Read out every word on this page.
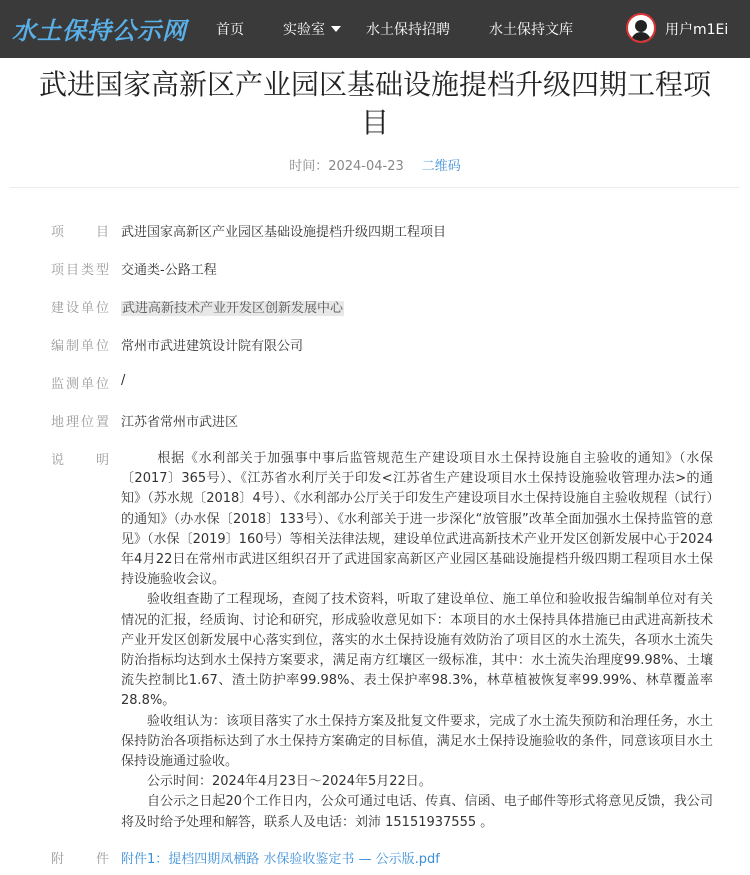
水土保持公示网 首页	实验室	水土保持招聘	水土保持文库	用户m1Ei
武进国家高新区产业园区基础设施提档升级四期工程项目
时间：2024-04-23 二维码
项　目 武进国家高新区产业园区基础设施提档升级四期工程项目
项目类型 交通类-公路工程
建设单位 武进高新技术产业开发区创新发展中心
编制单位 常州市武进建筑设计院有限公司
监测单位 /
地理位置 江苏省常州市武进区
说　明	根据《水利部关于加强事中事后监管规范生产建设项目水土保持设施自主验收的通知》（水保〔2017〕365号）、《江苏省水利厅关于印发<江苏省生产建设项目水土保持设施验收管理办法>的通知》（苏水规〔2018〕4号）、《水利部办公厅关于印发生产建设项目水土保持设施自主验收规程（试行）的通知》（办水保〔2018〕133号）、《水利部关于进一步深化“放管服”改革全面加强水土保持监管的意见》（水保〔2019〕160号）等相关法律法规，建设单位武进高新技术产业开发区创新发展中心于2024年4月22日在常州市武进区组织召开了武进国家高新区产业园区基础设施提档升级四期工程项目水土保持设施验收会议。

验收组查勘了工程现场，查阅了技术资料，听取了建设单位、施工单位和验收报告编制单位对有关情况的汇报，经质询、讨论和研究，形成验收意见如下：本项目的水土保持具体措施已由武进高新技术产业开发区创新发展中心落实到位，落实的水土保持设施有效防治了项目区的水土流失，各项水土流失防治指标均达到水土保持方案要求，满足南方红壤区一级标准，其中：水土流失治理度99.98%、土壤流失控制比1.67、渣土防护率99.98%、表土保护率98.3%，林草植被恢复率99.99%、林草覆盖率28.8%。

验收组认为：该项目落实了水土保持方案及批复文件要求，完成了水土流失预防和治理任务，水土保持防治各项指标达到了水土保持方案确定的目标值，满足水土保持设施验收的条件，同意该项目水土保持设施通过验收。

公示时间：2024年4月23日～2024年5月22日。

自公示之日起20个工作日内，公众可通过电话、传真、信函、电子邮件等形式将意见反馈，我公司将及时给予处理和解答，联系人及电话：刘沛 15151937555 。

附　件 附件1：提档四期凤栖路 水保验收鉴定书 — 公示版.pdf
